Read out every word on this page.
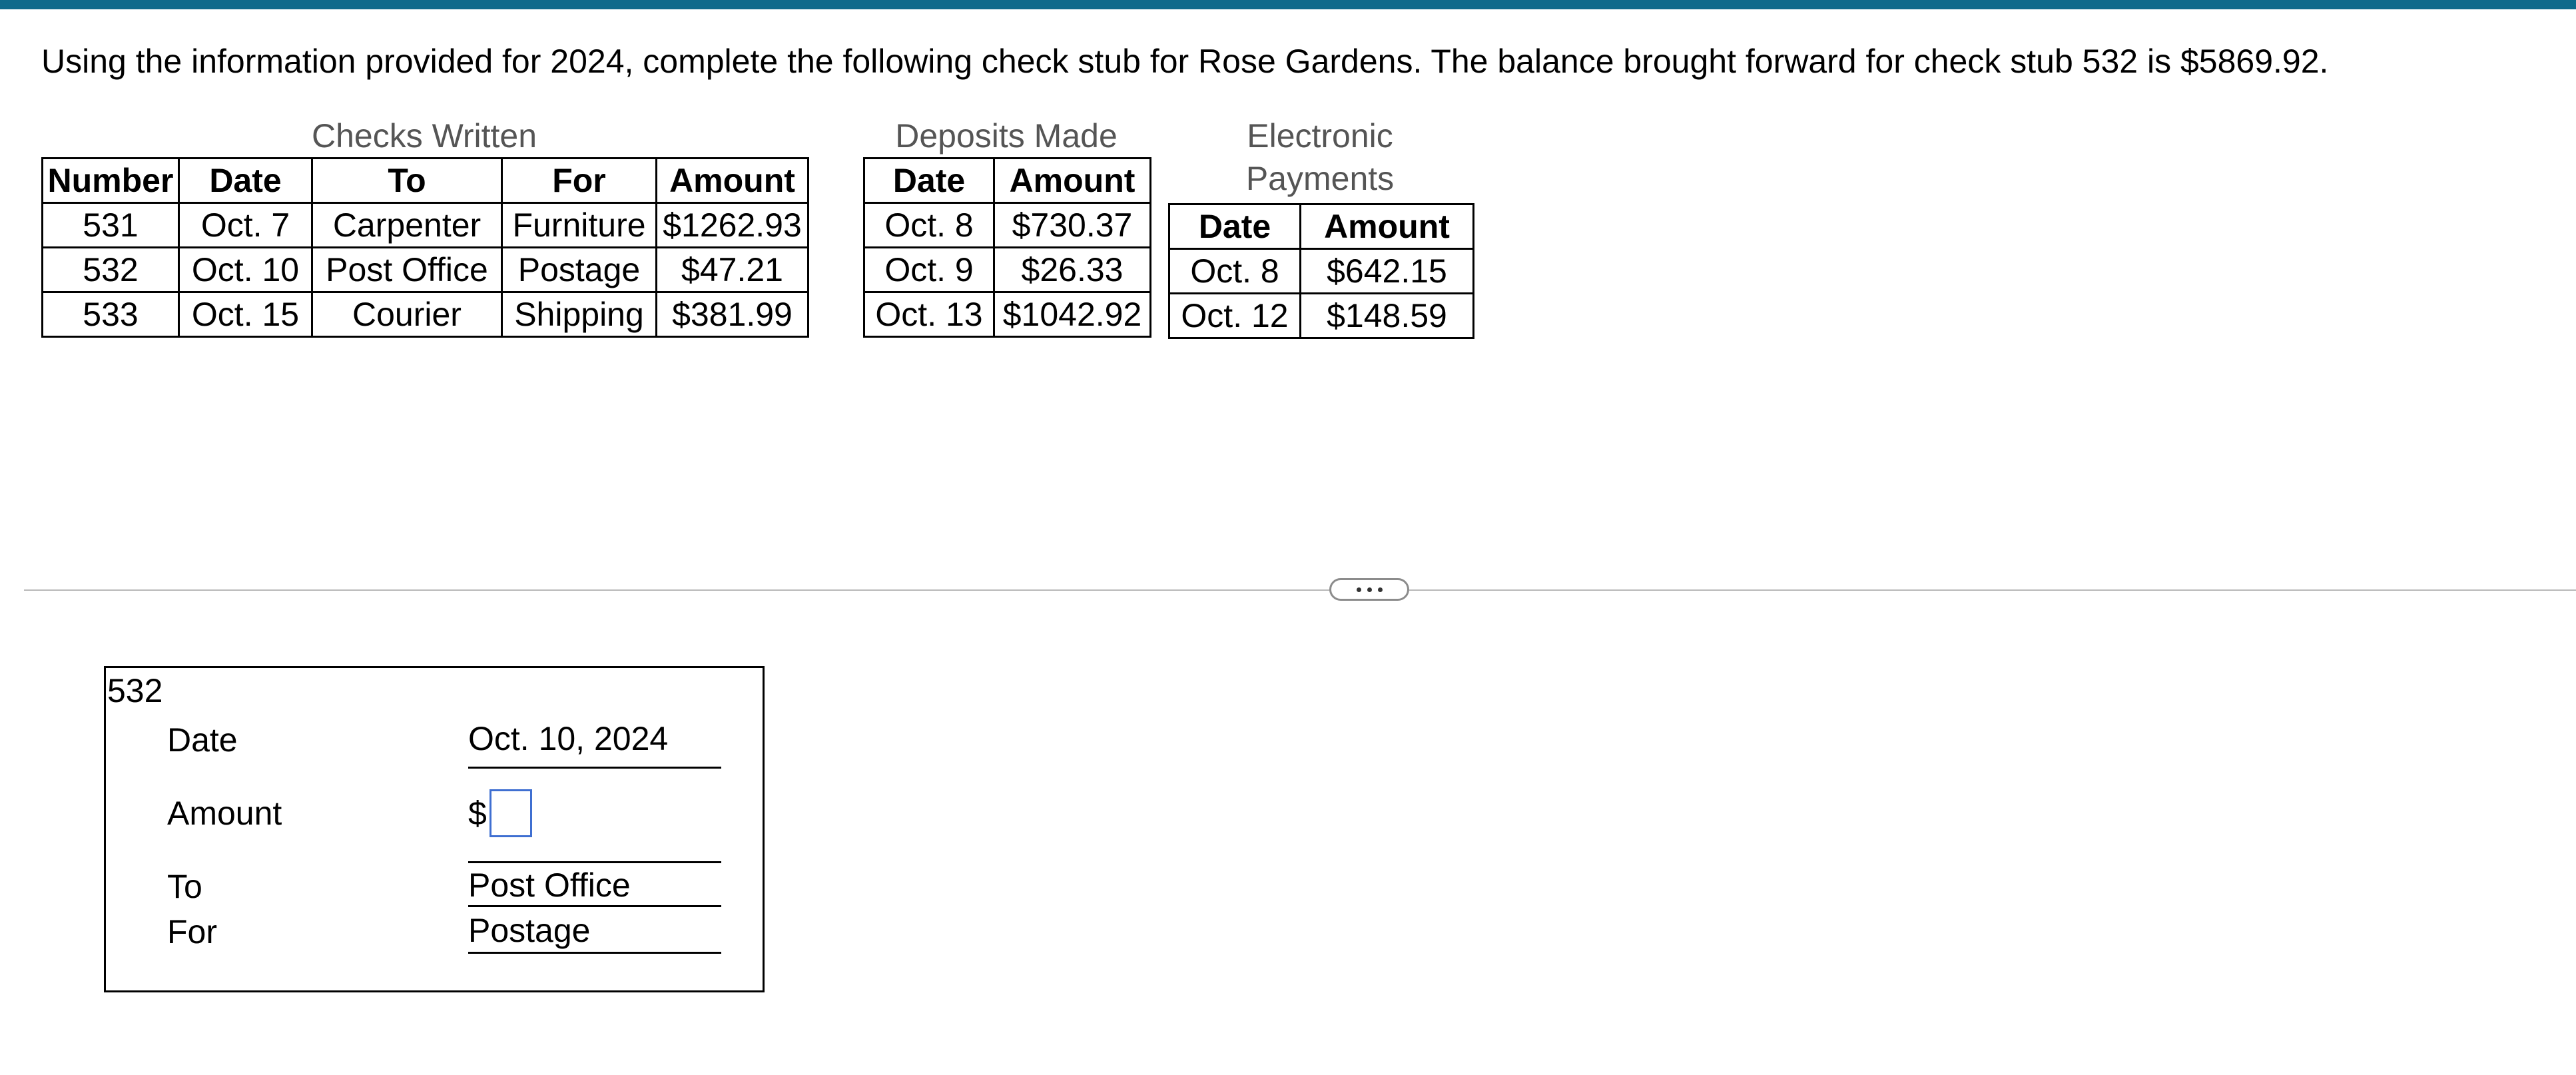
Using the information provided for 2024, complete the following check stub for Rose Gardens. The balance brought forward for check stub 532 is $5869.92.
Checks Written
Number	Date	To	For	Amount
531	Oct. 7	Carpenter	Furniture	$1262.93
532	Oct. 10	Post Office	Postage	$47.21
533	Oct. 15	Courier	Shipping	$381.99
Deposits Made
Date	Amount
Oct. 8	$730.37
Oct. 9	$26.33
Oct. 13	$1042.92
Electronic
Payments
Date	Amount
Oct. 8	$642.15
Oct. 12	$148.59
532
Date	Oct. 10, 2024
Amount	$
To	Post Office
For	Postage
